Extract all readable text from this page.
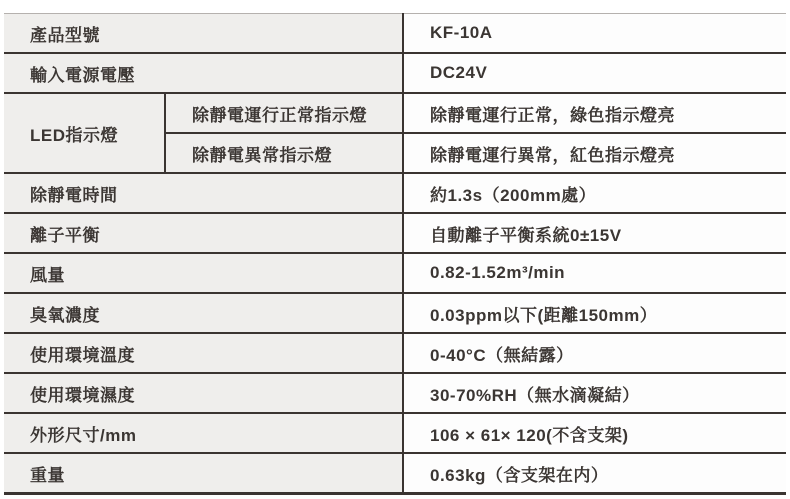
產品型號		KF-10A
輸入電源電壓		DC24V
LED指示燈	除靜電運行正常指示燈	除靜電運行正常，綠色指示燈亮
	除靜電異常指示燈	除靜電運行異常，紅色指示燈亮
除靜電時間		約1.3s（200mm處）
離子平衡		自動離子平衡系統0±15V
風量		0.82-1.52m³/min
臭氧濃度		0.03ppm以下(距離150mm）
使用環境溫度		0-40°C（無結露）
使用環境濕度		30-70%RH（無水滴凝結）
外形尺寸/mm		106 × 61× 120(不含支架)
重量		0.63kg（含支架在内）
